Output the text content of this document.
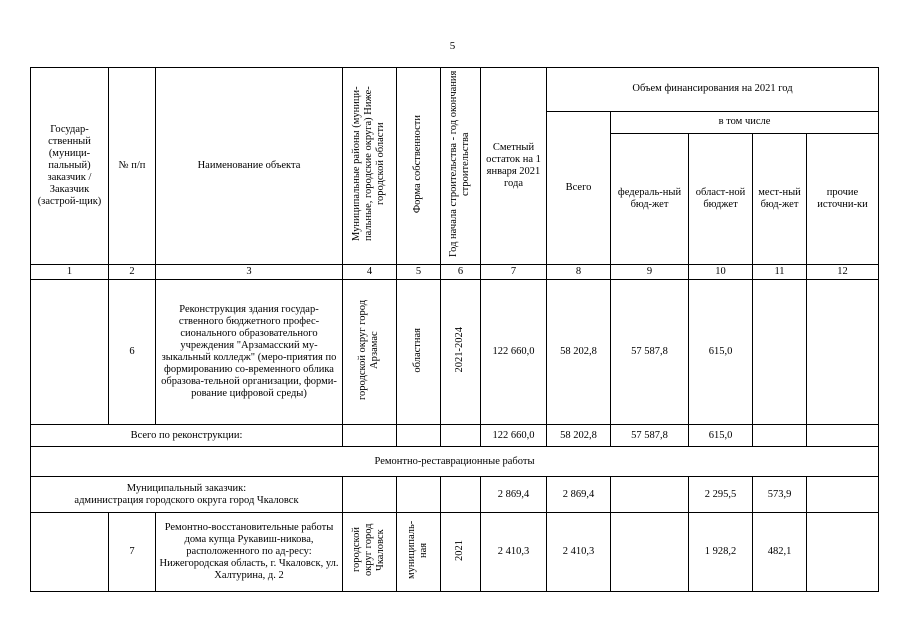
5
Государ-ственный (муници-пальный) заказчик / Заказчик (застрой-щик)	№ п/п	Наименование объекта	Муниципальные районы (муници-пальные, городские округа) Ниже-городской области	Форма собственности	Год начала строительства - год окончания строительства	Сметный остаток на 1 января 2021 года	Объем финансирования на 2021 год				
							Всего	в том числе			
								федераль-ный бюд-жет	област-ной бюджет	мест-ный бюд-жет	прочие источни-ки
1	2	3	4	5	6	7	8	9	10	11	12
	6	Реконструкция здания государ-ственного бюджетного профес-сионального образовательного учреждения "Арзамасский му-зыкальный колледж" (меро-приятия по формированию со-временного облика образова-тельной организации, форми-рование цифровой среды)	городской округ город Арзамас	областная	2021-2024	122 660,0	58 202,8	57 587,8	615,0		
Всего по реконструкции:						122 660,0	58 202,8	57 587,8	615,0		
Ремонтно-реставрационные работы											

Муниципальный заказчик:
администрация городского округа город Чкаловск						2 869,4	2 869,4		2 295,5	573,9	
	7	Ремонтно-восстановительные работы дома купца Рукавиш-никова, расположенного по ад-ресу: Нижегородская область, г. Чкаловск, ул. Халтурина, д. 2	городской округ город Чкаловск	муниципаль-ная	2021	2 410,3	2 410,3		1 928,2	482,1	
